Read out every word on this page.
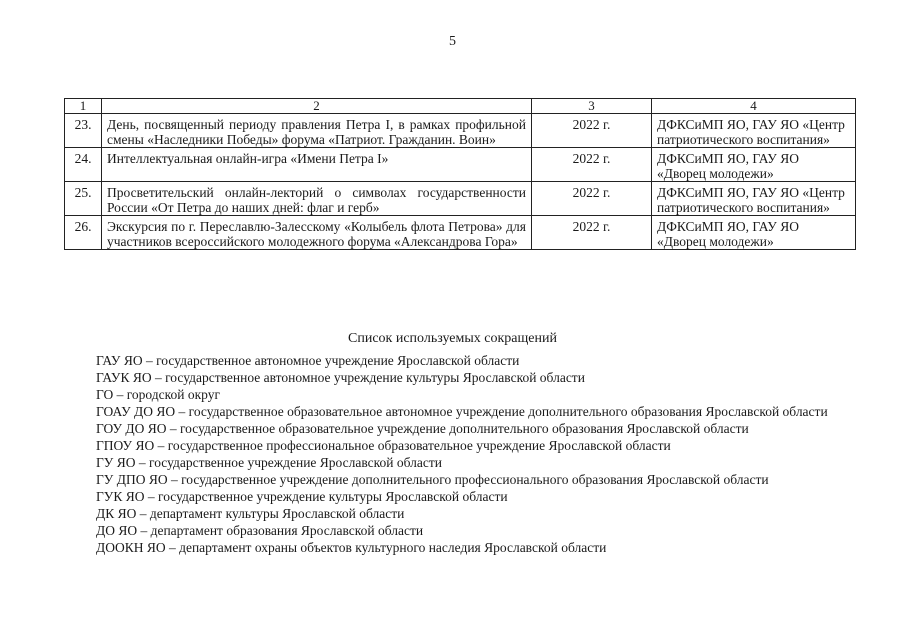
5
1	2	3	4
23.	День, посвященный периоду правления Петра I, в рамках профильной смены «Наследники Победы» форума «Патриот. Гражданин. Воин»	2022 г.	ДФКСиМП ЯО, ГАУ ЯО «Центр патриотического воспитания»
24.	Интеллектуальная онлайн-игра «Имени Петра I»	2022 г.	ДФКСиМП ЯО, ГАУ ЯО «Дворец молодежи»
25.	Просветительский онлайн-лекторий о символах государственности России «От Петра до наших дней: флаг и герб»	2022 г.	ДФКСиМП ЯО, ГАУ ЯО «Центр патриотического воспитания»
26.	Экскурсия по г. Переславлю-Залесскому «Колыбель флота Петрова» для участников всероссийского молодежного форума «Александрова Гора»	2022 г.	ДФКСиМП ЯО, ГАУ ЯО «Дворец молодежи»
Список используемых сокращений
ГАУ ЯО – государственное автономное учреждение Ярославской области
ГАУК ЯО – государственное автономное учреждение культуры Ярославской области
ГО – городской округ
ГОАУ ДО ЯО – государственное образовательное автономное учреждение дополнительного образования Ярославской области
ГОУ ДО ЯО – государственное образовательное учреждение дополнительного образования Ярославской области
ГПОУ ЯО – государственное профессиональное образовательное учреждение Ярославской области
ГУ ЯО – государственное учреждение Ярославской области
ГУ ДПО ЯО – государственное учреждение дополнительного профессионального образования Ярославской области
ГУК ЯО – государственное учреждение культуры Ярославской области
ДК ЯО – департамент культуры Ярославской области
ДО ЯО – департамент образования Ярославской области
ДООКН ЯО – департамент охраны объектов культурного наследия Ярославской области
